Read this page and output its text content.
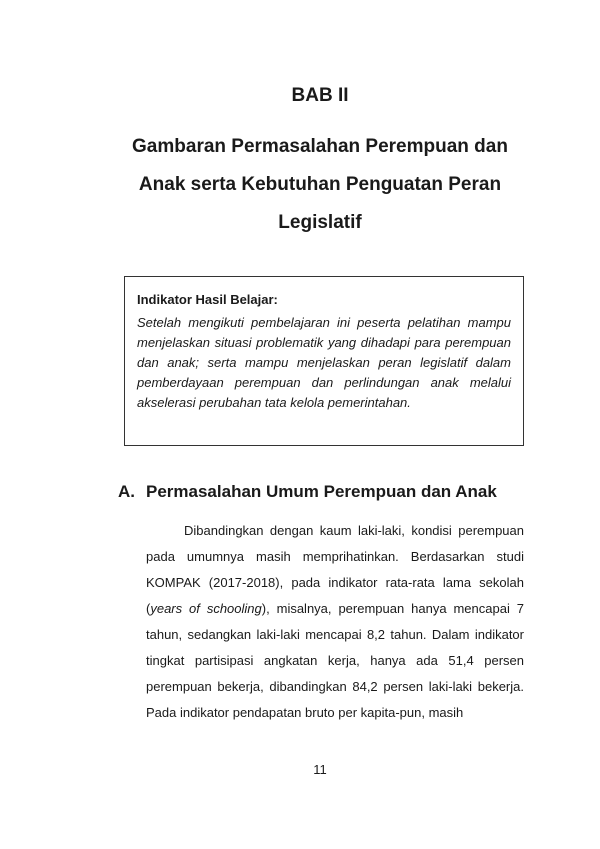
BAB II
Gambaran Permasalahan Perempuan dan
Anak serta Kebutuhan Penguatan Peran
Legislatif
Indikator Hasil Belajar:
Setelah mengikuti pembelajaran ini peserta pelatihan mampu menjelaskan situasi problematik yang dihadapi para perempuan dan anak; serta mampu menjelaskan peran legislatif dalam pemberdayaan perempuan dan perlindungan anak melalui akselerasi perubahan tata kelola pemerintahan.
A. Permasalahan Umum Perempuan dan Anak

Dibandingkan dengan kaum laki-laki, kondisi perempuan pada umumnya masih memprihatinkan. Berdasarkan studi KOMPAK (2017-2018), pada indikator rata-rata lama sekolah (years of schooling), misalnya, perempuan hanya mencapai 7 tahun, sedangkan laki-laki mencapai 8,2 tahun. Dalam indikator tingkat partisipasi angkatan kerja, hanya ada 51,4 persen perempuan bekerja, dibandingkan 84,2 persen laki-laki bekerja. Pada indikator pendapatan bruto per kapita-pun, masih

11
